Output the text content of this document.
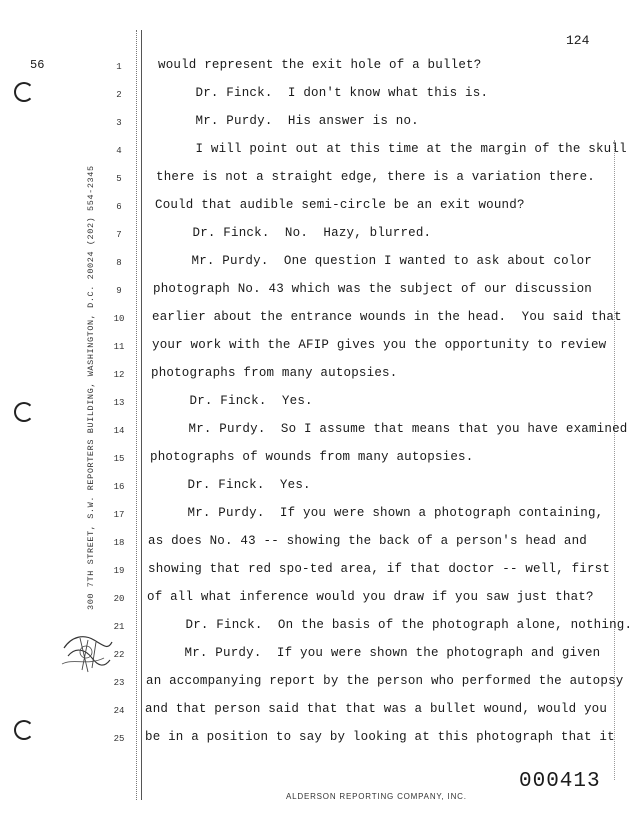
56
124
300 7TH STREET, S.W. REPORTERS BUILDING, WASHINGTON, D.C. 20024 (202) 554-2345
1
2
3
4
5
6
7
8
9
10
11
12
13
14
15
16
17
18
19
20
21
22
23
24
25
would represent the exit hole of a bullet?
Dr. Finck.  I don't know what this is.
Mr. Purdy.  His answer is no.
I will point out at this time at the margin of the skull
there is not a straight edge, there is a variation there.
Could that audible semi-circle be an exit wound?
Dr. Finck.  No.  Hazy, blurred.
Mr. Purdy.  One question I wanted to ask about color
photograph No. 43 which was the subject of our discussion
earlier about the entrance wounds in the head.  You said that
your work with the AFIP gives you the opportunity to review
photographs from many autopsies.
Dr. Finck.  Yes.
Mr. Purdy.  So I assume that means that you have examined
photographs of wounds from many autopsies.
Dr. Finck.  Yes.
Mr. Purdy.  If you were shown a photograph containing,
as does No. 43 -- showing the back of a person's head and
showing that red spo-ted area, if that doctor -- well, first
of all what inference would you draw if you saw just that?
Dr. Finck.  On the basis of the photograph alone, nothing.
Mr. Purdy.  If you were shown the photograph and given
an accompanying report by the person who performed the autopsy
and that person said that that was a bullet wound, would you
be in a position to say by looking at this photograph that it
000413
ALDERSON REPORTING COMPANY, INC.
